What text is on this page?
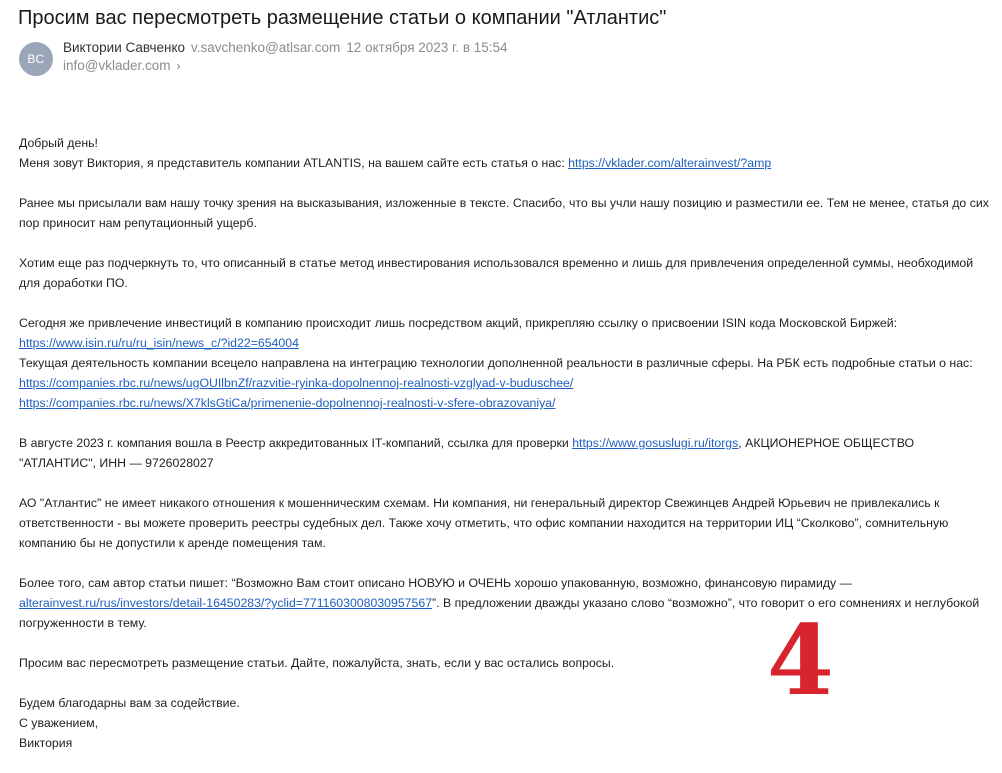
Просим вас пересмотреть размещение статьи о компании "Атлантис"
ВС
Виктории Савченко v.savchenko@atlsar.com 12 октября 2023 г. в 15:54
info@vklader.com ›

Добрый день!
Меня зовут Виктория, я представитель компании ATLANTIS, на вашем сайте есть статья о нас: https://vklader.com/alterainvest/?amp

Ранее мы присылали вам нашу точку зрения на высказывания, изложенные в тексте. Спасибо, что вы учли нашу позицию и разместили ее. Тем не менее, статья до сих пор приносит нам репутационный ущерб.

Хотим еще раз подчеркнуть то, что описанный в статье метод инвестирования использовался временно и лишь для привлечения определенной суммы, необходимой для доработки ПО.

Сегодня же привлечение инвестиций в компанию происходит лишь посредством акций, прикрепляю ссылку о присвоении ISIN кода Московской Биржей:
https://www.isin.ru/ru/ru_isin/news_c/?id22=654004
Текущая деятельность компании всецело направлена на интеграцию технологии дополненной реальности в различные сферы. На РБК есть подробные статьи о нас:
https://companies.rbc.ru/news/ugOUIlbnZf/razvitie-ryinka-dopolnennoj-realnosti-vzglyad-v-buduschee/
https://companies.rbc.ru/news/X7klsGtiCa/primenenie-dopolnennoj-realnosti-v-sfere-obrazovaniya/

В августе 2023 г. компания вошла в Реестр аккредитованных IT-компаний, ссылка для проверки https://www.gosuslugi.ru/itorgs, АКЦИОНЕРНОЕ ОБЩЕСТВО "АТЛАНТИС", ИНН — 9726028027

АО "Атлантис" не имеет никакого отношения к мошенническим схемам. Ни компания, ни генеральный директор Свежинцев Андрей Юрьевич не привлекались к ответственности - вы можете проверить реестры судебных дел. Также хочу отметить, что офис компании находится на территории ИЦ “Сколково”, сомнительную компанию бы не допустили к аренде помещения там.

Более того, сам автор статьи пишет: “Возможно Вам стоит описано НОВУЮ и ОЧЕНЬ хорошо упакованную, возможно, финансовую пирамиду — alterainvest.ru/rus/investors/detail-16450283/?yclid=7711603008030957567”. В предложении дважды указано слово “возможно”, что говорит о его сомнениях и неглубокой погруженности в тему.

Просим вас пересмотреть размещение статьи. Дайте, пожалуйста, знать, если у вас остались вопросы.

Будем благодарны вам за содействие.
С уважением,
Виктория

4
